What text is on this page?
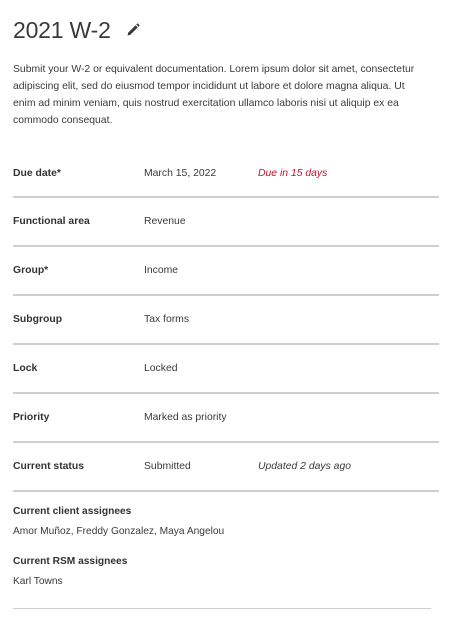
2021 W-2
Submit your W-2 or equivalent documentation. Lorem ipsum dolor sit amet, consectetur adipiscing elit, sed do eiusmod tempor incididunt ut labore et dolore magna aliqua. Ut enim ad minim veniam, quis nostrud exercitation ullamco laboris nisi ut aliquip ex ea commodo consequat.
Due date*	March 15, 2022	Due in 15 days
Functional area	Revenue
Group*	Income
Subgroup	Tax forms
Lock	Locked
Priority	Marked as priority
Current status	Submitted	Updated 2 days ago
Current client assignees
Amor Muñoz, Freddy Gonzalez, Maya Angelou
Current RSM assignees
Karl Towns
